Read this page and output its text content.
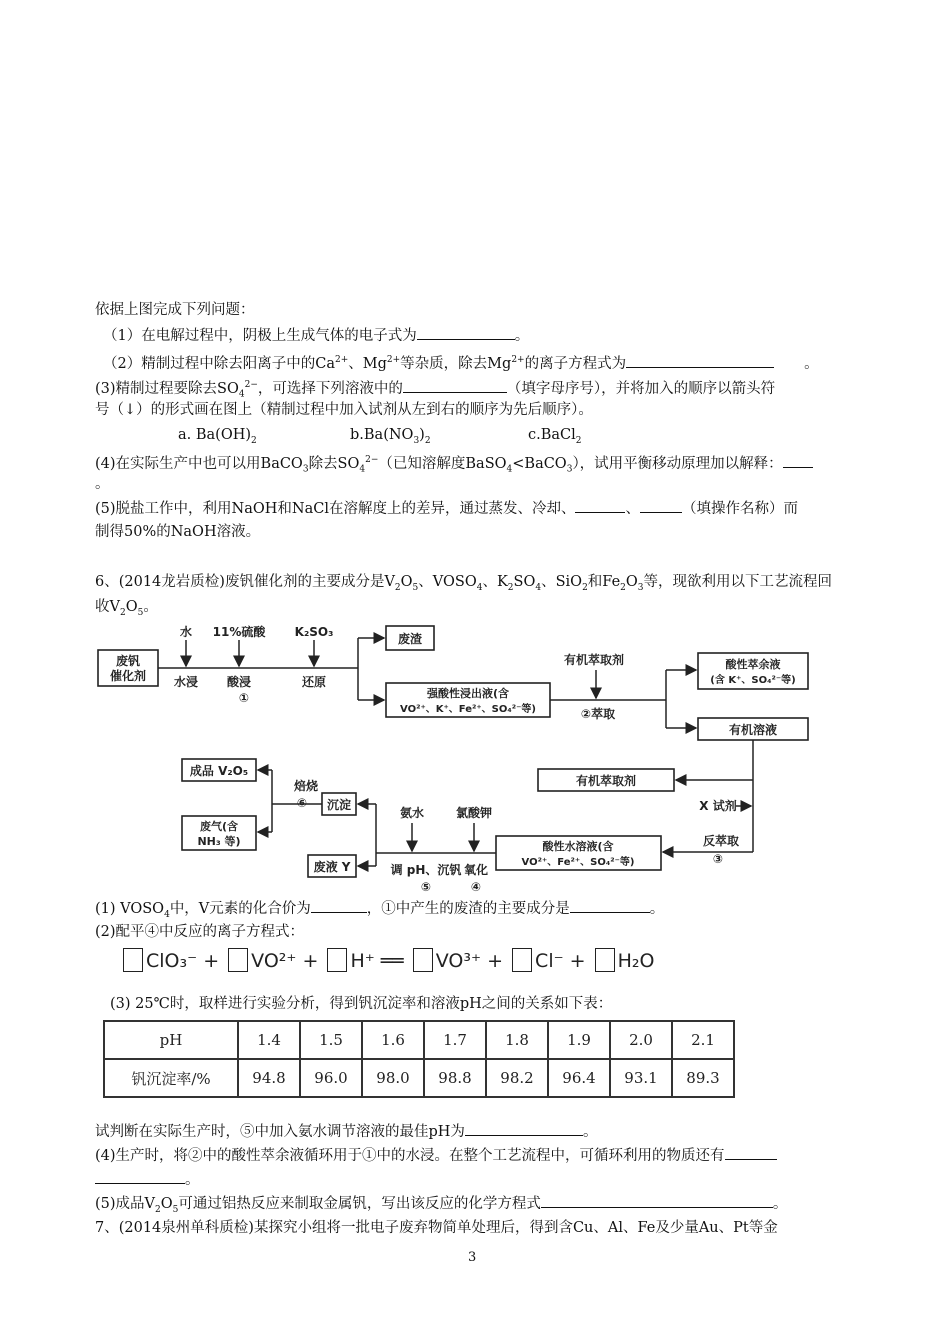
依据上图完成下列问题：
（1）在电解过程中，阴极上生成气体的电子式为	。
（2）精制过程中除去阳离子中的$Ca^{2+}$、$Mg^{2+}$等杂质，除去$Mg^{2+}$的离子方程式为	。
(3)精制过程要除去$SO_4^{2-}$，可选择下列溶液中的	（填字母序号），并将加入的顺序以箭头符
号（↓）的形式画在图上（精制过程中加入试剂从左到右的顺序为先后顺序）。
a. $Ba(OH)_2$	$b.Ba(NO_3)_2$	c.BaCl$_2$
(4)在实际生产中也可以用BaCO$_3$除去$SO_4^{2-}$（已知溶解度BaSO$_4$<BaCO$_3$），试用平衡移动原理加以解释：
。
(5)脱盐工作中，利用NaOH和NaCl在溶解度上的差异，通过蒸发、冷却、	、	（填操作名称）而
制得50%的NaOH溶液。
6、(2014龙岩质检)废钒催化剂的主要成分是$V_2O_5$、$VOSO_4$、$K_2SO_4$、SiO$_2$和$Fe_2O_3$等，现欲利用以下工艺流程回
收$V_2O_5$。
废钒
催化剂
水 11%硫酸 K₂SO₃
水浸 酸浸
①
还原
废渣
强酸性浸出液(含
VO²⁺、K⁺、Fe²⁺、SO₄²⁻等)
有机萃取剂
②萃取
酸性萃余液
(含 K⁺、SO₄²⁻等)
有机溶液
有机萃取剂
X 试剂
反萃取
③
酸性水溶液(含
VO²⁺、Fe²⁺、SO₄²⁻等)
氯酸钾
氧化
④
氨水
调 pH、沉钒
⑤
废液 Y
沉淀
焙烧
⑥
成品 V₂O₅
废气(含
NH₃ 等)
(1) $VOSO_4$中，V元素的化合价为	，①中产生的废渣的主要成分是	。
(2)配平④中反应的离子方程式：
ClO₃⁻ + VO²⁺ + H⁺ ══ VO³⁺ + Cl⁻ + H₂O
(3) 25℃时，取样进行实验分析，得到钒沉淀率和溶液pH之间的关系如下表：
pH	1.4	1.5	1.6	1.7	1.8	1.9	2.0	2.1
钒沉淀率/%	94.8	96.0	98.0	98.8	98.2	96.4	93.1	89.3
试判断在实际生产时，⑤中加入氨水调节溶液的最佳pH为	。
(4)生产时，将②中的酸性萃余液循环用于①中的水浸。在整个工艺流程中，可循环利用的物质还有
。
(5)成品$V_2O_5$可通过铝热反应来制取金属钒，写出该反应的化学方程式	。
7、(2014泉州单科质检)某探究小组将一批电子废弃物简单处理后，得到含Cu、Al、Fe及少量Au、Pt等金
3
